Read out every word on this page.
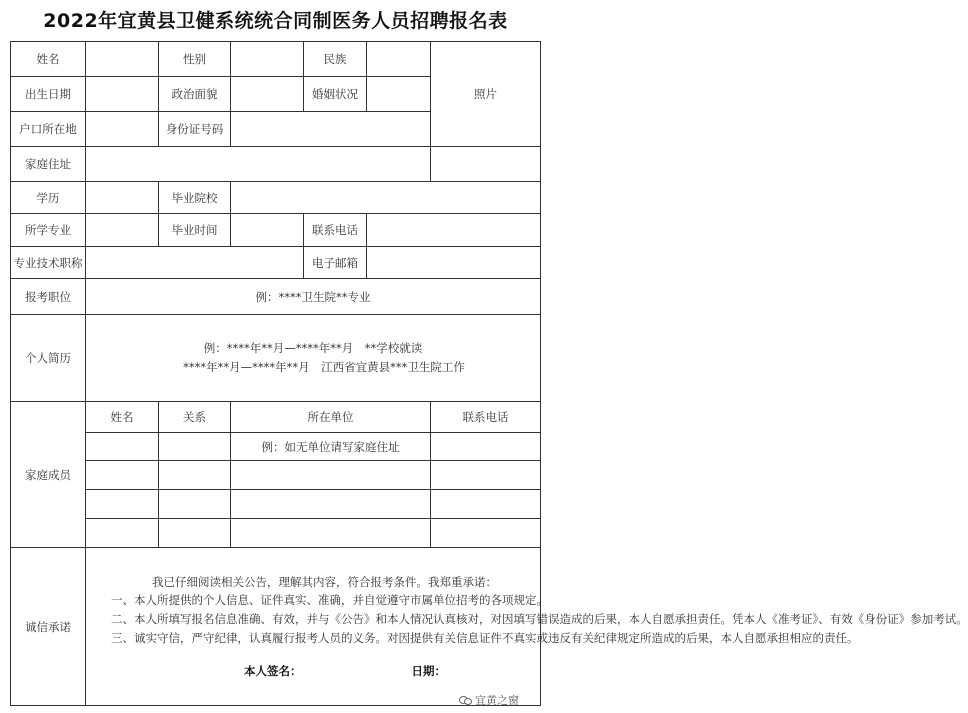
2022年宜黄县卫健系统统合同制医务人员招聘报名表
姓名		性别		民族		照片
出生日期		政治面貌		婚姻状况		
户口所在地		身份证号码				
家庭住址						
学历		毕业院校				
所学专业		毕业时间		联系电话		
专业技术职称				电子邮箱		
报考职位	例：****卫生院**专业					
个人简历	例：****年**月—****年**月　**学校就读
****年**月—****年**月　江西省宜黄县***卫生院工作					

家庭成员	姓名	关系	所在单位			联系电话
			例：如无单位请写家庭住址			

诚信承诺	我已仔细阅读相关公告，理解其内容，符合报考条件。我郑重承诺：

一、本人所提供的个人信息、证件真实、准确，并自觉遵守市属单位招考的各项规定。

二、本人所填写报名信息准确、有效，并与《公告》和本人情况认真核对，对因填写错误造成的后果，本人自愿承担责任。凭本人《准考证》、有效《身份证》参加考试。

三、诚实守信，严守纪律，认真履行报考人员的义务。对因提供有关信息证件不真实或违反有关纪律规定所造成的后果，本人自愿承担相应的责任。

本人签名： 日期：					

宜黄之窗
